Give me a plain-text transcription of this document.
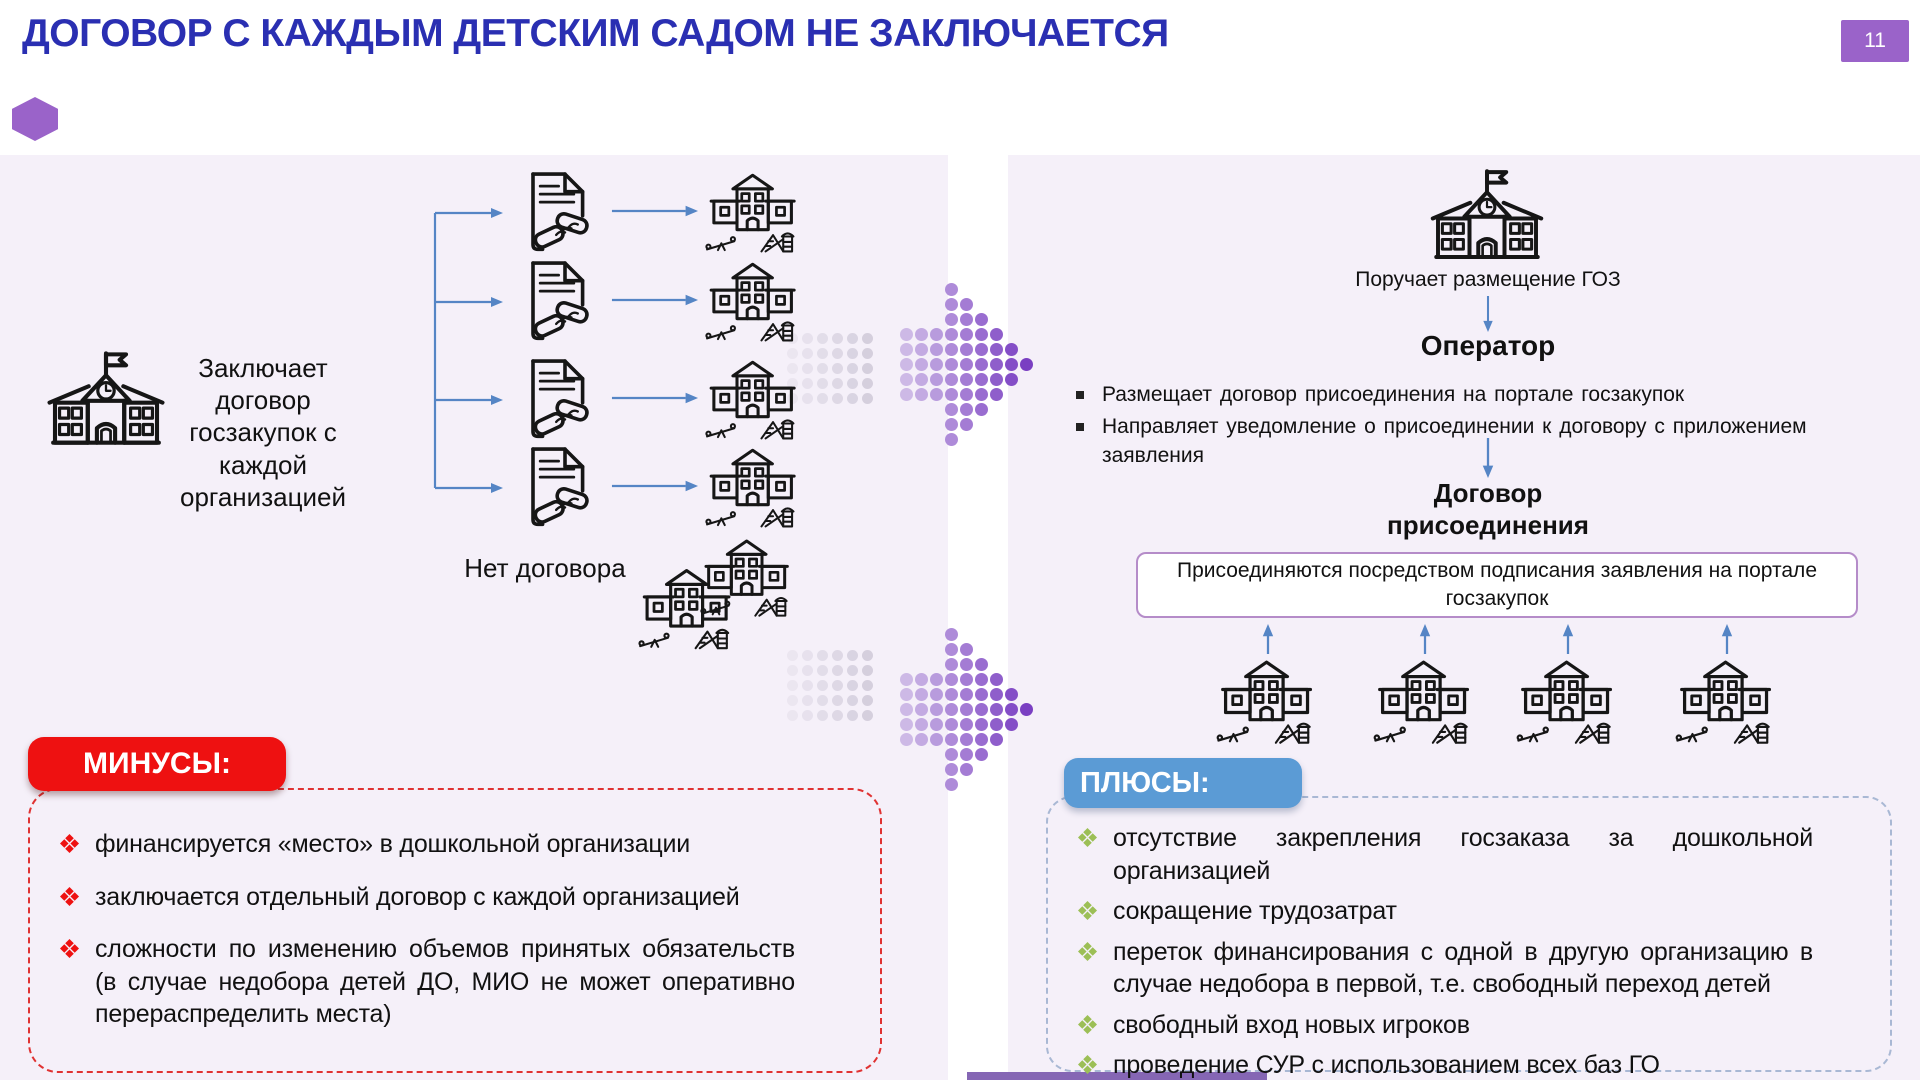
ДОГОВОР С КАЖДЫМ ДЕТСКИМ САДОМ НЕ ЗАКЛЮЧАЕТСЯ	11
Заключает договор госзакупок с каждой организацией
Нет договора
МИНУСЫ:
финансируется «место» в дошкольной организации
заключается отдельный договор с каждой организацией
сложности по изменению объемов принятых обязательств (в случае недобора детей ДО, МИО не может оперативно перераспределить места)
Поручает размещение ГОЗ
Оператор
Размещает договор присоединения на портале госзакупок
Направляет уведомление о присоединении к договору с приложением заявления
Договор присоединения
Присоединяются посредством подписания заявления на портале госзакупок
ПЛЮСЫ:
отсутствие закрепления госзаказа за дошкольной организацией
сокращение трудозатрат
переток финансирования с одной в другую организацию в случае недобора в первой, т.е. свободный переход детей
свободный вход новых игроков
проведение СУР с использованием всех баз ГО
